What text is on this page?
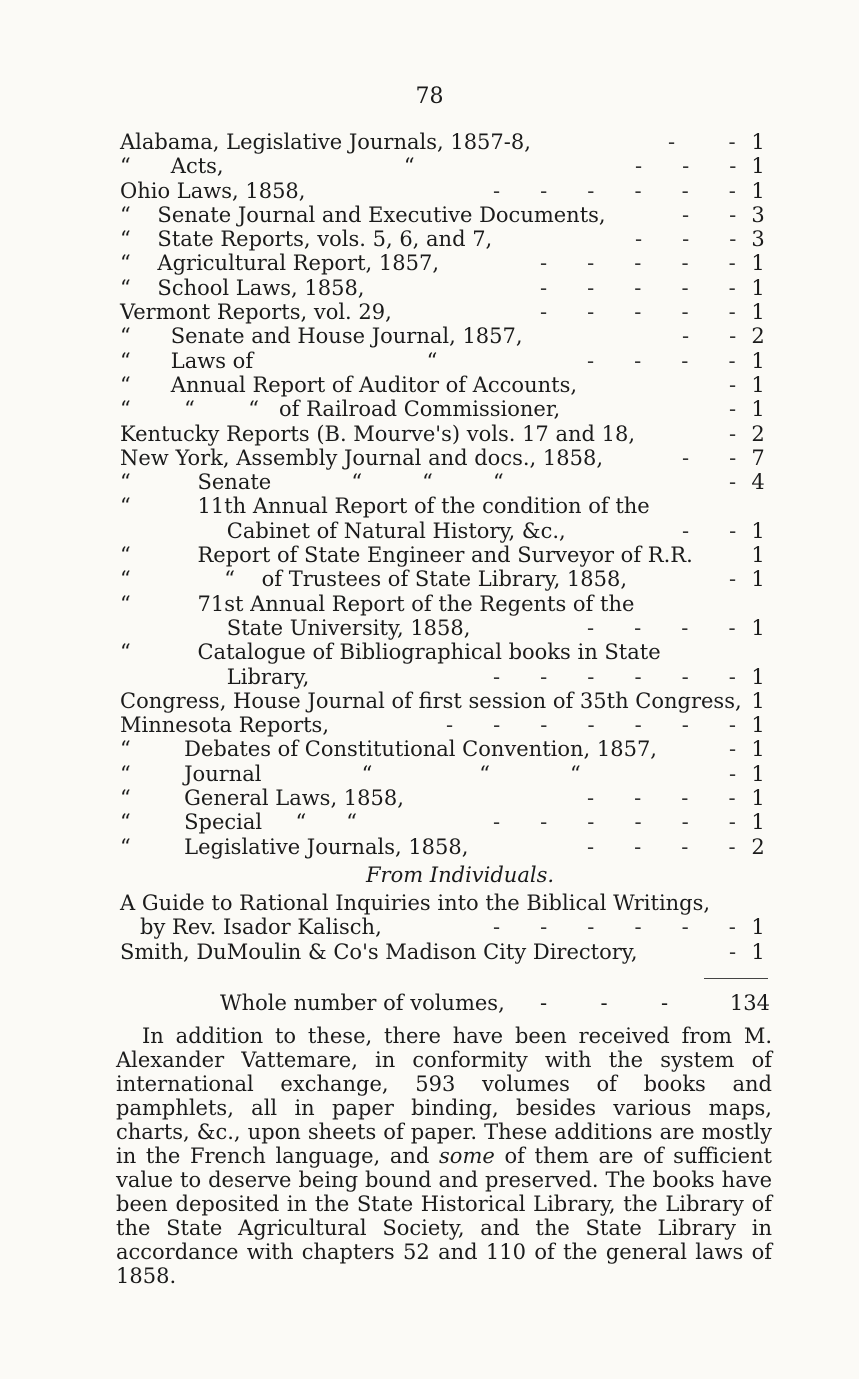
78
Alabama, Legislative Journals, 1857-8,	-        - 1
“      Acts,                           “	-      -      - 1
Ohio Laws, 1858,	-      -      -      -      -      - 1
“    Senate Journal and Executive Documents,	-      - 3
“    State Reports, vols. 5, 6, and 7,	-      -      - 3
“    Agricultural Report, 1857,	-      -      -      -      - 1
“    School Laws, 1858,	-      -      -      -      - 1
Vermont Reports, vol. 29,	-      -      -      -      - 1
“      Senate and House Journal, 1857,	-      - 2
“      Laws of                          “	-      -      -      - 1
“      Annual Report of Auditor of Accounts,	- 1
“        “        “   of Railroad Commissioner,	- 1
Kentucky Reports (B. Mourve's) vols. 17 and 18,	- 2
New York, Assembly Journal and docs., 1858,	-      - 7
“          Senate            “         “         “	- 4
“          11th Annual Report of the condition of the
Cabinet of Natural History, &c.,	-      - 1
“          Report of State Engineer and Surveyor of R.R.	1
“              “    of Trustees of State Library, 1858,	- 1
“          71st Annual Report of the Regents of the
State University, 1858,	-      -      -      - 1
“          Catalogue of Bibliographical books in State
Library,	-      -      -      -      -      - 1
Congress, House Journal of first session of 35th Congress, 1
Minnesota Reports,	-      -      -      -      -      -      - 1
“        Debates of Constitutional Convention, 1857,	- 1
“        Journal               “                “            “	- 1
“        General Laws, 1858,	-      -      -      - 1
“        Special     “      “	-      -      -      -      -      - 1
“        Legislative Journals, 1858,	-      -      -      - 2
From Individuals.
A Guide to Rational Inquiries into the Biblical Writings,
by Rev. Isador Kalisch,	-      -      -      -      -      - 1
Smith, DuMoulin & Co's Madison City Directory,	- 1
Whole number of volumes, -        -        -	134
In addition to these, there have been received from M. Alexander Vattemare, in conformity with the system of international exchange, 593 volumes of books and pamphlets, all in paper binding, besides various maps, charts, &c., upon sheets of paper. These additions are mostly in the French language, and some of them are of sufficient value to deserve being bound and preserved. The books have been deposited in the State Historical Library, the Library of the State Agricultural Society, and the State Library in accordance with chapters 52 and 110 of the general laws of 1858.
